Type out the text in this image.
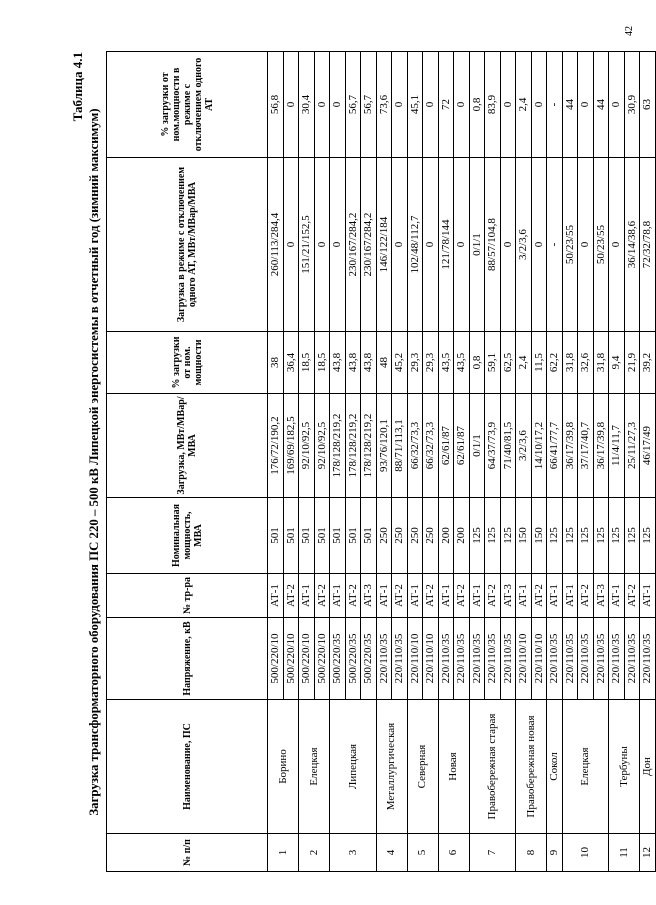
42
Таблица 4.1
Загрузка трансформаторного оборудования ПС 220 – 500 кВ Липецкой энергосистемы в отчетный год (зимний максимум)
№ п/п	Наименование, ПС	Напряжение, кВ	№ тр-ра	Номинальная мощность, МВА	Загрузка, МВт/МВар/МВА	% загрузки от ном. мощности	Загрузка в режиме с отключением одного АТ, МВт/МВар/МВА	% загрузки от ном.мощности в режиме с отключением одного АТ
1	Борино	500/220/10	АТ-1	501	176/72/190,2	38	260/113/284,4	56,8
		500/220/10	АТ-2	501	169/69/182,5	36,4	0	0
2	Елецкая	500/220/10	АТ-1	501	92/10/92,5	18,5	151/21/152,5	30,4
		500/220/10	АТ-2	501	92/10/92,5	18,5	0	0
3	Липецкая	500/220/35	АТ-1	501	178/128/219,2	43,8	0	0
		500/220/35	АТ-2	501	178/128/219,2	43,8	230/167/284,2	56,7
		500/220/35	АТ-3	501	178/128/219,2	43,8	230/167/284,2	56,7
4	Металлургическая	220/110/35	АТ-1	250	93/76/120,1	48	146/122/184	73,6
		220/110/35	АТ-2	250	88/71/113,1	45,2	0	0
5	Северная	220/110/10	АТ-1	250	66/32/73,3	29,3	102/48/112,7	45,1
		220/110/10	АТ-2	250	66/32/73,3	29,3	0	0
6	Новая	220/110/35	АТ-1	200	62/61/87	43,5	121/78/144	72
		220/110/35	АТ-2	200	62/61/87	43,5	0	0
7	Правобережная старая	220/110/35	АТ-1	125	0/1/1	0,8	0/1/1	0,8
		220/110/35	АТ-2	125	64/37/73,9	59,1	88/57/104,8	83,9
		220/110/35	АТ-3	125	71/40/81,5	62,5	0	0
8	Правобережная новая	220/110/10	АТ-1	150	3/2/3,6	2,4	3/2/3,6	2,4
		220/110/10	АТ-2	150	14/10/17,2	11,5	0	0
9	Сокол	220/110/35	АТ-1	125	66/41/77,7	62,2	-	-
10	Елецкая	220/110/35	АТ-1	125	36/17/39,8	31,8	50/23/55	44
		220/110/35	АТ-2	125	37/17/40,7	32,6	0	0
		220/110/35	АТ-3	125	36/17/39,8	31,8	50/23/55	44
11	Тербуны	220/110/35	АТ-1	125	11/4/11,7	9,4	0	0
		220/110/35	АТ-2	125	25/11/27,3	21,9	36/14/38,6	30,9
12	Дон	220/110/35	АТ-1	125	46/17/49	39,2	72/32/78,8	63
